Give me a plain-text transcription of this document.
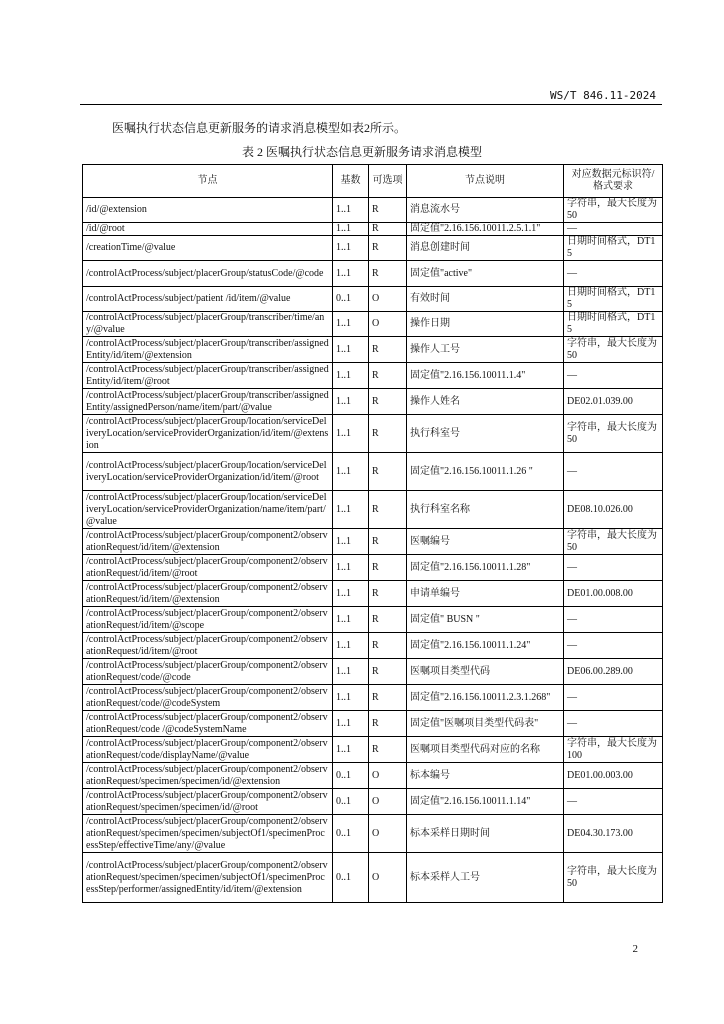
WS/T 846.11-2024
医嘱执行状态信息更新服务的请求消息模型如表2所示。
表 2 医嘱执行状态信息更新服务请求消息模型
节点	基数	可选项	节点说明	对应数据元标识符/格式要求
/id/@extension	1..1	R	消息流水号	字符串，最大长度为 50
/id/@root	1..1	R	固定值"2.16.156.10011.2.5.1.1"	—
/creationTime/@value	1..1	R	消息创建时间	日期时间格式，DT15
/controlActProcess/subject/placerGroup/statusCode/@code	1..1	R	固定值"active"	—
/controlActProcess/subject/patient /id/item/@value	0..1	O	有效时间	日期时间格式，DT15
/controlActProcess/subject/placerGroup/transcriber/time/any/@value	1..1	O	操作日期	日期时间格式，DT15
/controlActProcess/subject/placerGroup/transcriber/assignedEntity/id/item/@extension	1..1	R	操作人工号	字符串，最大长度为 50
/controlActProcess/subject/placerGroup/transcriber/assignedEntity/id/item/@root	1..1	R	固定值"2.16.156.10011.1.4"	—
/controlActProcess/subject/placerGroup/transcriber/assignedEntity/assignedPerson/name/item/part/@value	1..1	R	操作人姓名	DE02.01.039.00
/controlActProcess/subject/placerGroup/location/serviceDeliveryLocation/serviceProviderOrganization/id/item/@extension	1..1	R	执行科室号	字符串，最大长度为 50
/controlActProcess/subject/placerGroup/location/serviceDeliveryLocation/serviceProviderOrganization/id/item/@root	1..1	R	固定值"2.16.156.10011.1.26 "	—
/controlActProcess/subject/placerGroup/location/serviceDeliveryLocation/serviceProviderOrganization/name/item/part/@value	1..1	R	执行科室名称	DE08.10.026.00
/controlActProcess/subject/placerGroup/component2/observationRequest/id/item/@extension	1..1	R	医嘱编号	字符串，最大长度为 50
/controlActProcess/subject/placerGroup/component2/observationRequest/id/item/@root	1..1	R	固定值"2.16.156.10011.1.28"	—
/controlActProcess/subject/placerGroup/component2/observationRequest/id/item/@extension	1..1	R	申请单编号	DE01.00.008.00
/controlActProcess/subject/placerGroup/component2/observationRequest/id/item/@scope	1..1	R	固定值" BUSN "	—
/controlActProcess/subject/placerGroup/component2/observationRequest/id/item/@root	1..1	R	固定值"2.16.156.10011.1.24"	—
/controlActProcess/subject/placerGroup/component2/observationRequest/code/@code	1..1	R	医嘱项目类型代码	DE06.00.289.00
/controlActProcess/subject/placerGroup/component2/observationRequest/code/@codeSystem	1..1	R	固定值"2.16.156.10011.2.3.1.268"	—
/controlActProcess/subject/placerGroup/component2/observationRequest/code /@codeSystemName	1..1	R	固定值"医嘱项目类型代码表"	—
/controlActProcess/subject/placerGroup/component2/observationRequest/code/displayName/@value	1..1	R	医嘱项目类型代码对应的名称	字符串，最大长度为 100
/controlActProcess/subject/placerGroup/component2/observationRequest/specimen/specimen/id/@extension	0..1	O	标本编号	DE01.00.003.00
/controlActProcess/subject/placerGroup/component2/observationRequest/specimen/specimen/id/@root	0..1	O	固定值"2.16.156.10011.1.14"	—
/controlActProcess/subject/placerGroup/component2/observationRequest/specimen/specimen/subjectOf1/specimenProcessStep/effectiveTime/any/@value	0..1	O	标本采样日期时间	DE04.30.173.00
/controlActProcess/subject/placerGroup/component2/observationRequest/specimen/specimen/subjectOf1/specimenProcessStep/performer/assignedEntity/id/item/@extension	0..1	O	标本采样人工号	字符串，最大长度为 50
2
